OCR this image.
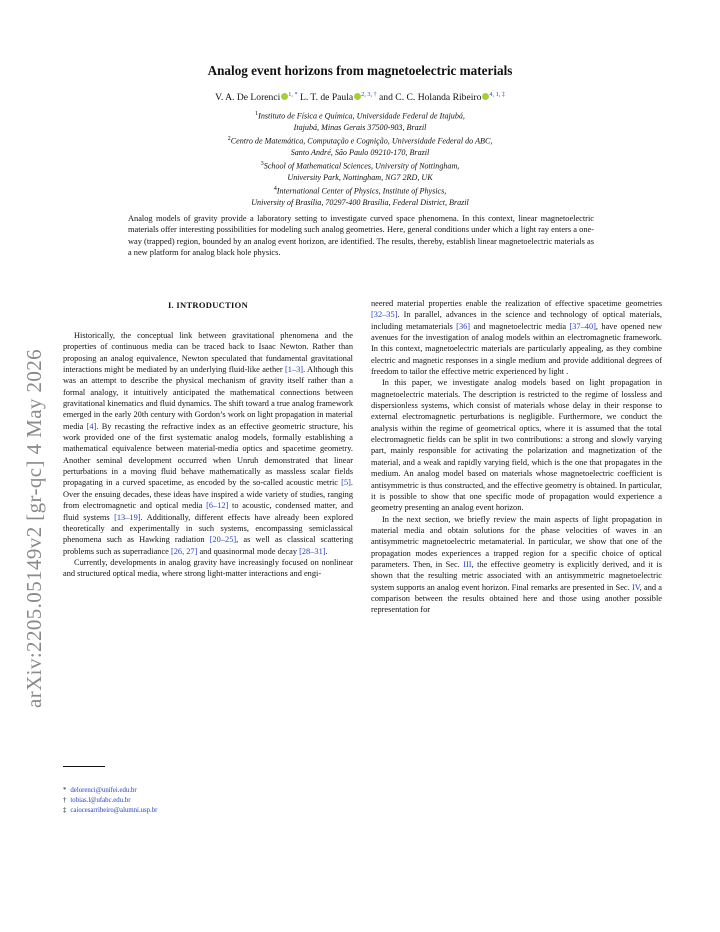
arXiv:2205.05149v2 [gr-qc] 4 May 2026
Analog event horizons from magnetoelectric materials
V. A. De Lorenci $^{1, *}$ L. T. de Paula $^{2, 3, \dagger}$ and C. C. Holanda Ribeiro $^{4, 1, \ddagger}$
$^1$Instituto de Física e Química, Universidade Federal de Itajubá,
Itajubá, Minas Gerais 37500-903, Brazil
$^2$Centro de Matemática, Computação e Cognição, Universidade Federal do ABC,
Santo André, São Paulo 09210-170, Brazil
$^3$School of Mathematical Sciences, University of Nottingham,
University Park, Nottingham, NG7 2RD, UK
$^4$International Center of Physics, Institute of Physics,
University of Brasília, 70297-400 Brasília, Federal District, Brazil
Analog models of gravity provide a laboratory setting to investigate curved space phenomena. In this context, linear magnetoelectric materials offer interesting possibilities for modeling such analog geometries. Here, general conditions under which a light ray enters a one-way (trapped) region, bounded by an analog event horizon, are identified. The results, thereby, establish linear magnetoelectric materials as a new platform for analog black hole physics.
I. INTRODUCTION

Historically, the conceptual link between gravitational phenomena and the properties of continuous media can be traced back to Isaac Newton. Rather than proposing an analog equivalence, Newton speculated that fundamental gravitational interactions might be mediated by an underlying fluid-like aether [1–3]. Although this was an attempt to describe the physical mechanism of gravity itself rather than a formal analogy, it intuitively anticipated the mathematical connections between gravitational kinematics and fluid dynamics. The shift toward a true analog framework emerged in the early 20th century with Gordon’s work on light propagation in material media [4]. By recasting the refractive index as an effective geometric structure, his work provided one of the first systematic analog models, formally establishing a mathematical equivalence between material-media optics and spacetime geometry. Another seminal development occurred when Unruh demonstrated that linear perturbations in a moving fluid behave mathematically as massless scalar fields propagating in a curved spacetime, as encoded by the so-called acoustic metric [5]. Over the ensuing decades, these ideas have inspired a wide variety of studies, ranging from electromagnetic and optical media [6–12] to acoustic, condensed matter, and fluid systems [13–19]. Additionally, different effects have already been explored theoretically and experimentally in such systems, encompassing semiclassical phenomena such as Hawking radiation [20–25], as well as classical scattering problems such as superradiance [26, 27] and quasinormal mode decay [28–31].

Currently, developments in analog gravity have increasingly focused on nonlinear and structured optical media, where strong light-matter interactions and engi-

neered material properties enable the realization of effective spacetime geometries [32–35]. In parallel, advances in the science and technology of optical materials, including metamaterials [36] and magnetoelectric media [37–40], have opened new avenues for the investigation of analog models within an electromagnetic framework. In this context, magnetoelectric materials are particularly appealing, as they combine electric and magnetic responses in a single medium and provide additional degrees of freedom to tailor the effective metric experienced by light .

In this paper, we investigate analog models based on light propagation in magnetoelectric materials. The description is restricted to the regime of lossless and dispersionless systems, which consist of materials whose delay in their response to external electromagnetic perturbations is negligible. Furthermore, we conduct the analysis within the regime of geometrical optics, where it is assumed that the total electromagnetic fields can be split in two contributions: a strong and slowly varying part, mainly responsible for activating the polarization and magnetization of the material, and a weak and rapidly varying field, which is the one that propagates in the medium. An analog model based on materials whose magnetoelectric coefficient is antisymmetric is thus constructed, and the effective geometry is obtained. In particular, it is possible to show that one specific mode of propagation would experience a geometry presenting an analog event horizon.

In the next section, we briefly review the main aspects of light propagation in material media and obtain solutions for the phase velocities of waves in an antisymmetric magnetoelectric metamaterial. In particular, we show that one of the propagation modes experiences a trapped region for a specific choice of optical parameters. Then, in Sec. III, the effective geometry is explicitly derived, and it is shown that the resulting metric associated with an antisymmetric magnetoelectric system supports an analog event horizon. Final remarks are presented in Sec. IV, and a comparison between the results obtained here and those using another possible representation for

* delorenci@unifei.edu.br
† tobias.l@ufabc.edu.br
‡ caiocesarribeiro@alumni.usp.br
